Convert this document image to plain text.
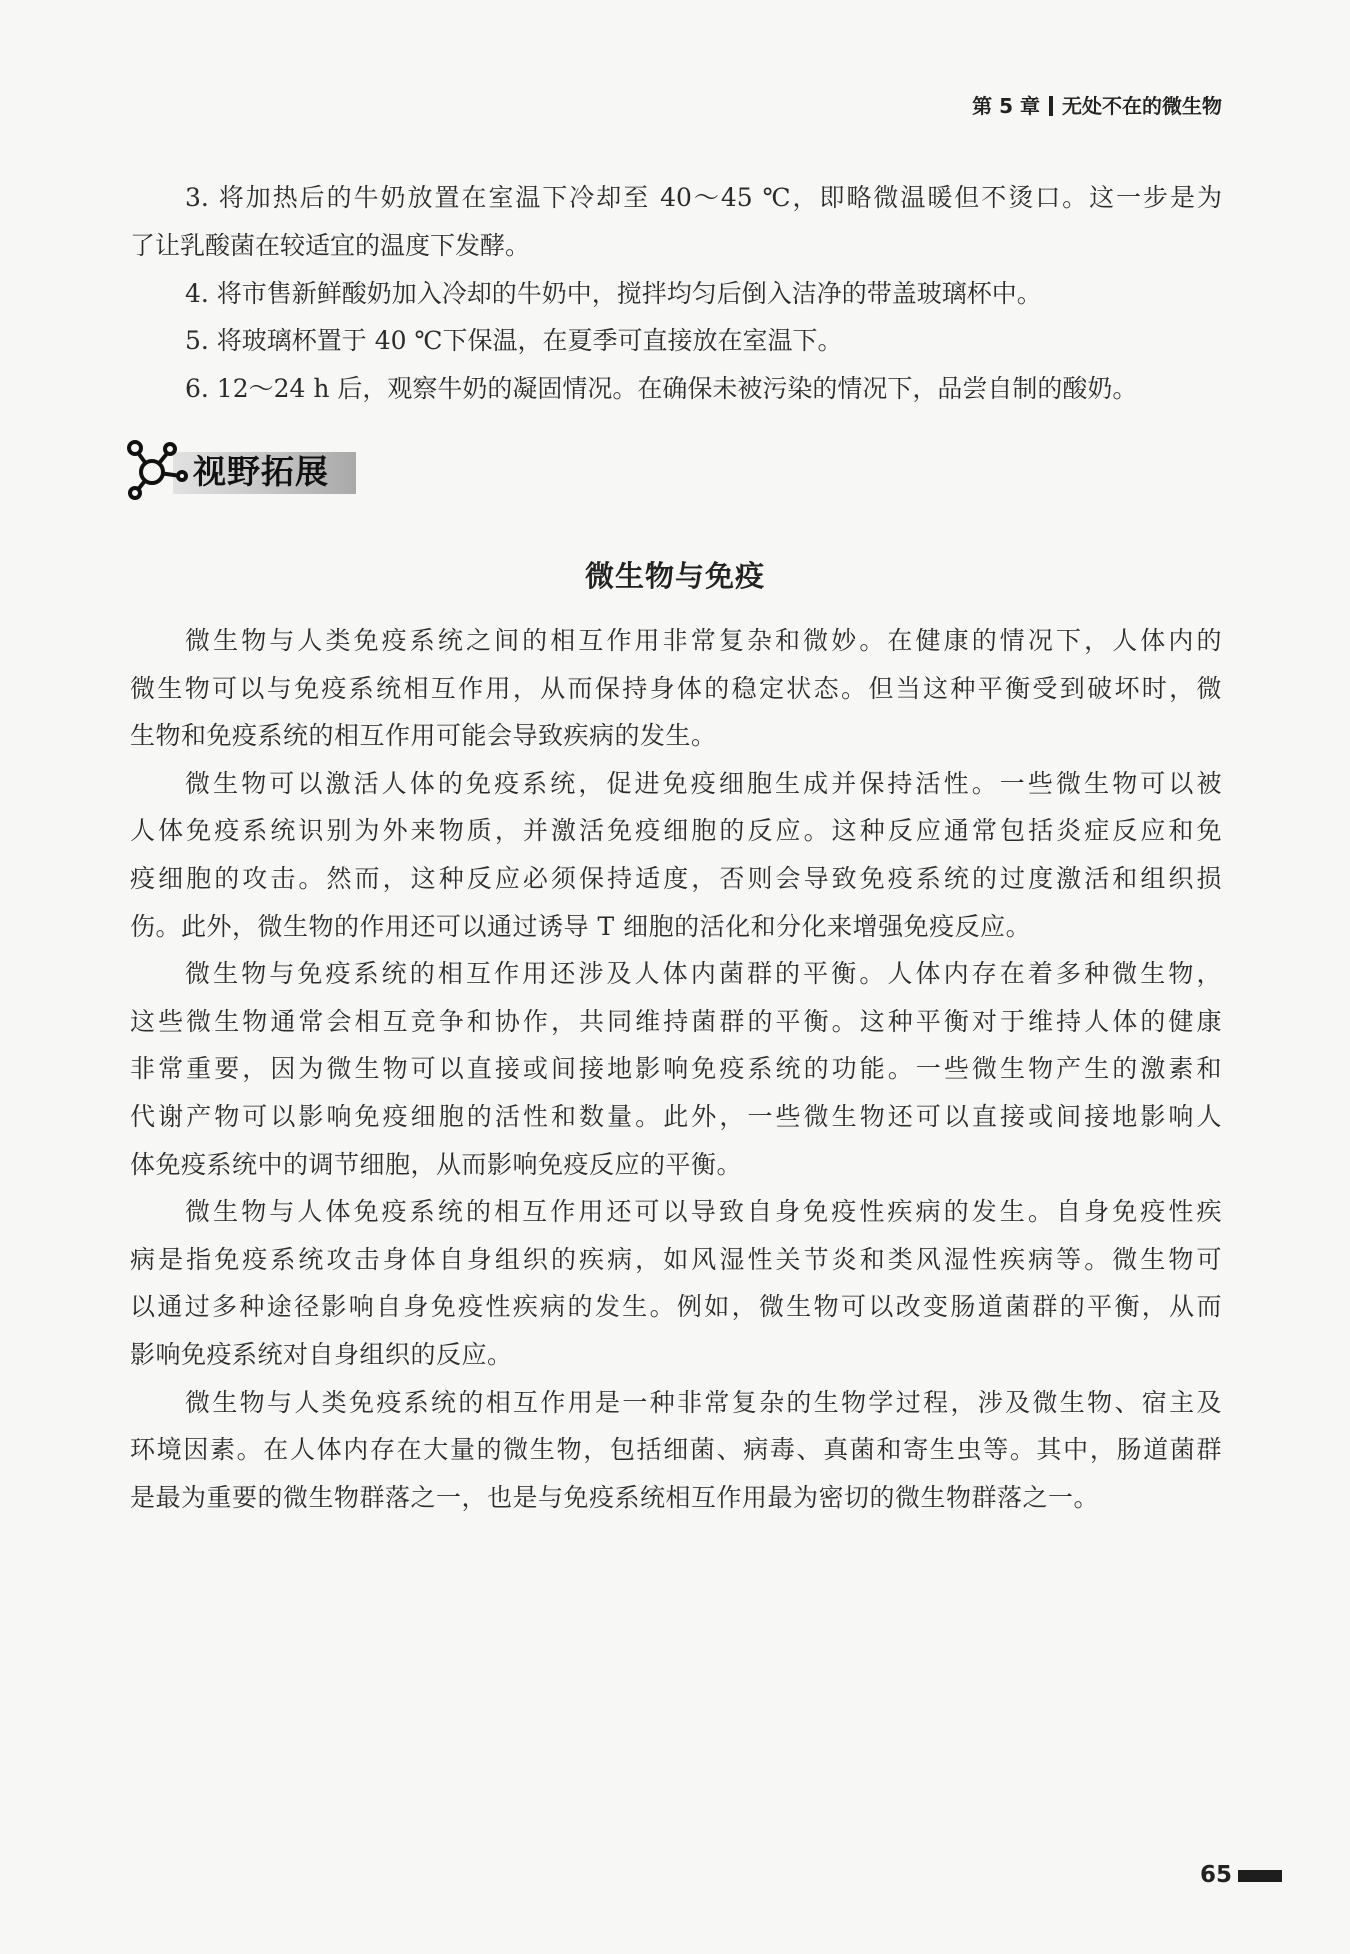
第 5 章 无处不在的微生物
3. 将加热后的牛奶放置在室温下冷却至 40～45 ℃，即略微温暖但不烫口。这一步是为
了让乳酸菌在较适宜的温度下发酵。
4. 将市售新鲜酸奶加入冷却的牛奶中，搅拌均匀后倒入洁净的带盖玻璃杯中。
5. 将玻璃杯置于 40 ℃下保温，在夏季可直接放在室温下。
6. 12～24 h 后，观察牛奶的凝固情况。在确保未被污染的情况下，品尝自制的酸奶。
视野拓展
微生物与免疫
微生物与人类免疫系统之间的相互作用非常复杂和微妙。在健康的情况下，人体内的
微生物可以与免疫系统相互作用，从而保持身体的稳定状态。但当这种平衡受到破坏时，微
生物和免疫系统的相互作用可能会导致疾病的发生。
微生物可以激活人体的免疫系统，促进免疫细胞生成并保持活性。一些微生物可以被
人体免疫系统识别为外来物质，并激活免疫细胞的反应。这种反应通常包括炎症反应和免
疫细胞的攻击。然而，这种反应必须保持适度，否则会导致免疫系统的过度激活和组织损
伤。此外，微生物的作用还可以通过诱导 T 细胞的活化和分化来增强免疫反应。
微生物与免疫系统的相互作用还涉及人体内菌群的平衡。人体内存在着多种微生物，
这些微生物通常会相互竞争和协作，共同维持菌群的平衡。这种平衡对于维持人体的健康
非常重要，因为微生物可以直接或间接地影响免疫系统的功能。一些微生物产生的激素和
代谢产物可以影响免疫细胞的活性和数量。此外，一些微生物还可以直接或间接地影响人
体免疫系统中的调节细胞，从而影响免疫反应的平衡。
微生物与人体免疫系统的相互作用还可以导致自身免疫性疾病的发生。自身免疫性疾
病是指免疫系统攻击身体自身组织的疾病，如风湿性关节炎和类风湿性疾病等。微生物可
以通过多种途径影响自身免疫性疾病的发生。例如，微生物可以改变肠道菌群的平衡，从而
影响免疫系统对自身组织的反应。
微生物与人类免疫系统的相互作用是一种非常复杂的生物学过程，涉及微生物、宿主及
环境因素。在人体内存在大量的微生物，包括细菌、病毒、真菌和寄生虫等。其中，肠道菌群
是最为重要的微生物群落之一，也是与免疫系统相互作用最为密切的微生物群落之一。
65
